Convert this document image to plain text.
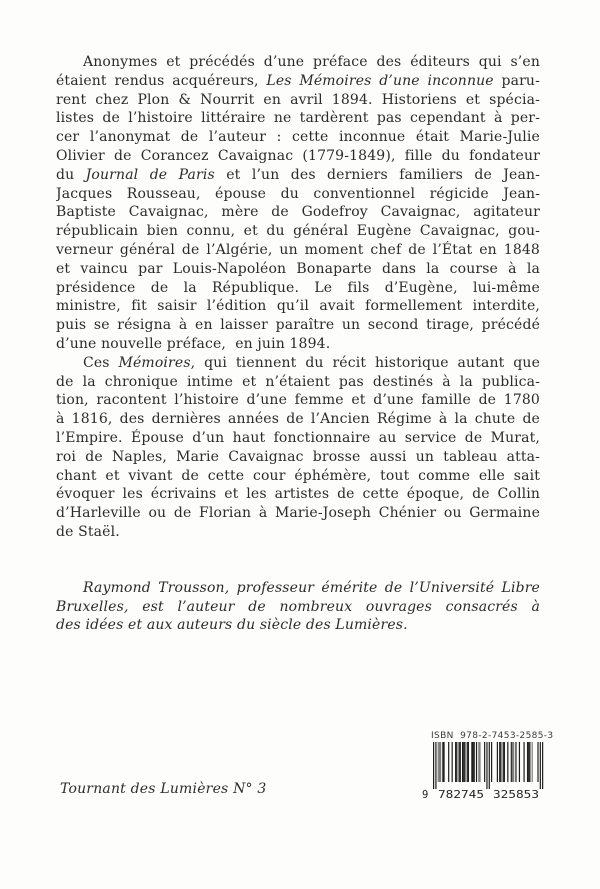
Anonymes et précédés d’une préface des éditeurs qui s’en
étaient rendus acquéreurs, Les Mémoires d’une inconnue paru-
rent chez Plon & Nourrit en avril 1894. Historiens et spécia-
listes de l’histoire littéraire ne tardèrent pas cependant à per-
cer l’anonymat de l’auteur : cette inconnue était Marie-Julie
Olivier de Corancez Cavaignac (1779-1849), fille du fondateur
du Journal de Paris et l’un des derniers familiers de Jean-
Jacques Rousseau, épouse du conventionnel régicide Jean-
Baptiste Cavaignac, mère de Godefroy Cavaignac, agitateur
républicain bien connu, et du général Eugène Cavaignac, gou-
verneur général de l’Algérie, un moment chef de l’État en 1848
et vaincu par Louis-Napoléon Bonaparte dans la course à la
présidence de la République. Le fils d’Eugène, lui-même
ministre, fit saisir l’édition qu’il avait formellement interdite,
puis se résigna à en laisser paraître un second tirage, précédé
d’une nouvelle préface,  en juin 1894.
Ces Mémoires, qui tiennent du récit historique autant que
de la chronique intime et n’étaient pas destinés à la publica-
tion, racontent l’histoire d’une femme et d’une famille de 1780
à 1816, des dernières années de l’Ancien Régime à la chute de
l’Empire. Épouse d’un haut fonctionnaire au service de Murat,
roi de Naples, Marie Cavaignac brosse aussi un tableau atta-
chant et vivant de cette cour éphémère, tout comme elle sait
évoquer les écrivains et les artistes de cette époque, de Collin
d’Harleville ou de Florian à Marie-Joseph Chénier ou Germaine
de Staël.
Raymond Trousson, professeur émérite de l’Université Libre
Bruxelles, est l’auteur de nombreux ouvrages consacrés à
des idées et aux auteurs du siècle des Lumières.
Tournant des Lumières N° 3
ISBN  978-2-7453-2585-3
9 782745 325853
